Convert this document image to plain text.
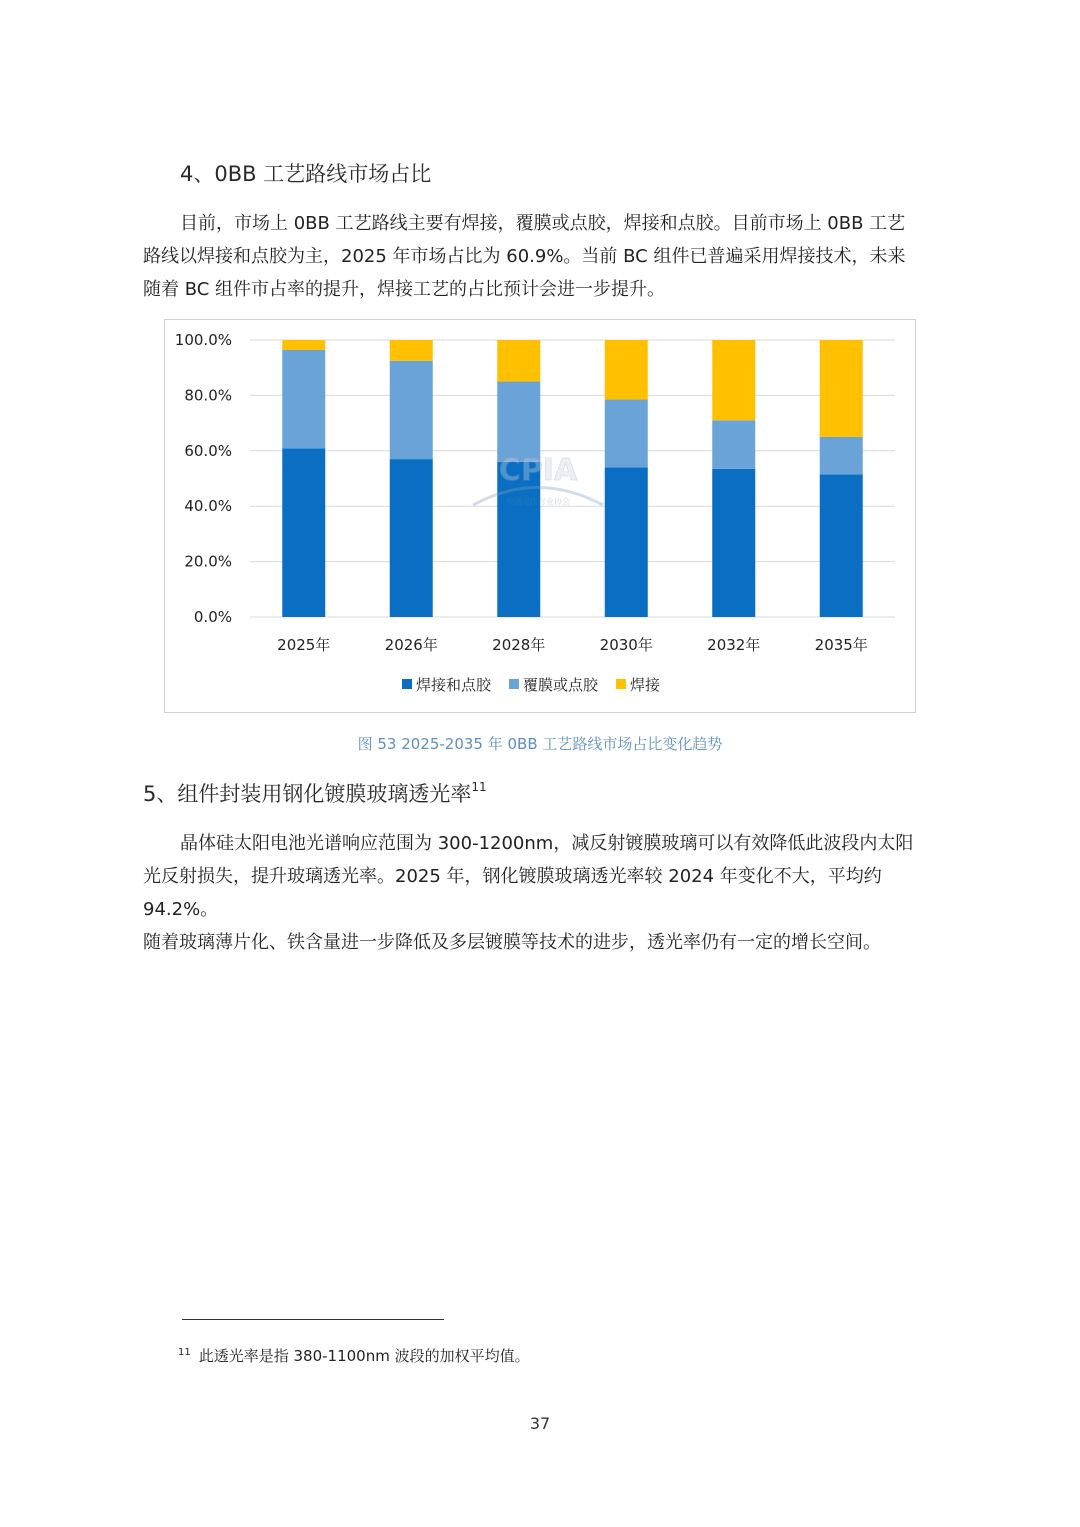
4、0BB 工艺路线市场占比
目前，市场上 0BB 工艺路线主要有焊接，覆膜或点胶，焊接和点胶。目前市场上 0BB 工艺
路线以焊接和点胶为主，2025 年市场占比为 60.9%。当前 BC 组件已普遍采用焊接技术，未来
随着 BC 组件市占率的提升，焊接工艺的占比预计会进一步提升。
0.0%
20.0%
40.0%
60.0%
80.0%
100.0%
2025年	2026年	2028年	2030年	2032年	2035年
CPIA
中国光伏行业协会
焊接和点胶 覆膜或点胶 焊接
图 53 2025-2035 年 0BB 工艺路线市场占比变化趋势
5、组件封装用钢化镀膜玻璃透光率$^{11}$
晶体硅太阳电池光谱响应范围为 300-1200nm，减反射镀膜玻璃可以有效降低此波段内太阳
光反射损失，提升玻璃透光率。2025 年，钢化镀膜玻璃透光率较 2024 年变化不大，平均约 94.2%。
随着玻璃薄片化、铁含量进一步降低及多层镀膜等技术的进步，透光率仍有一定的增长空间。
$^{11}$ 此透光率是指 380-1100nm 波段的加权平均值。
37
